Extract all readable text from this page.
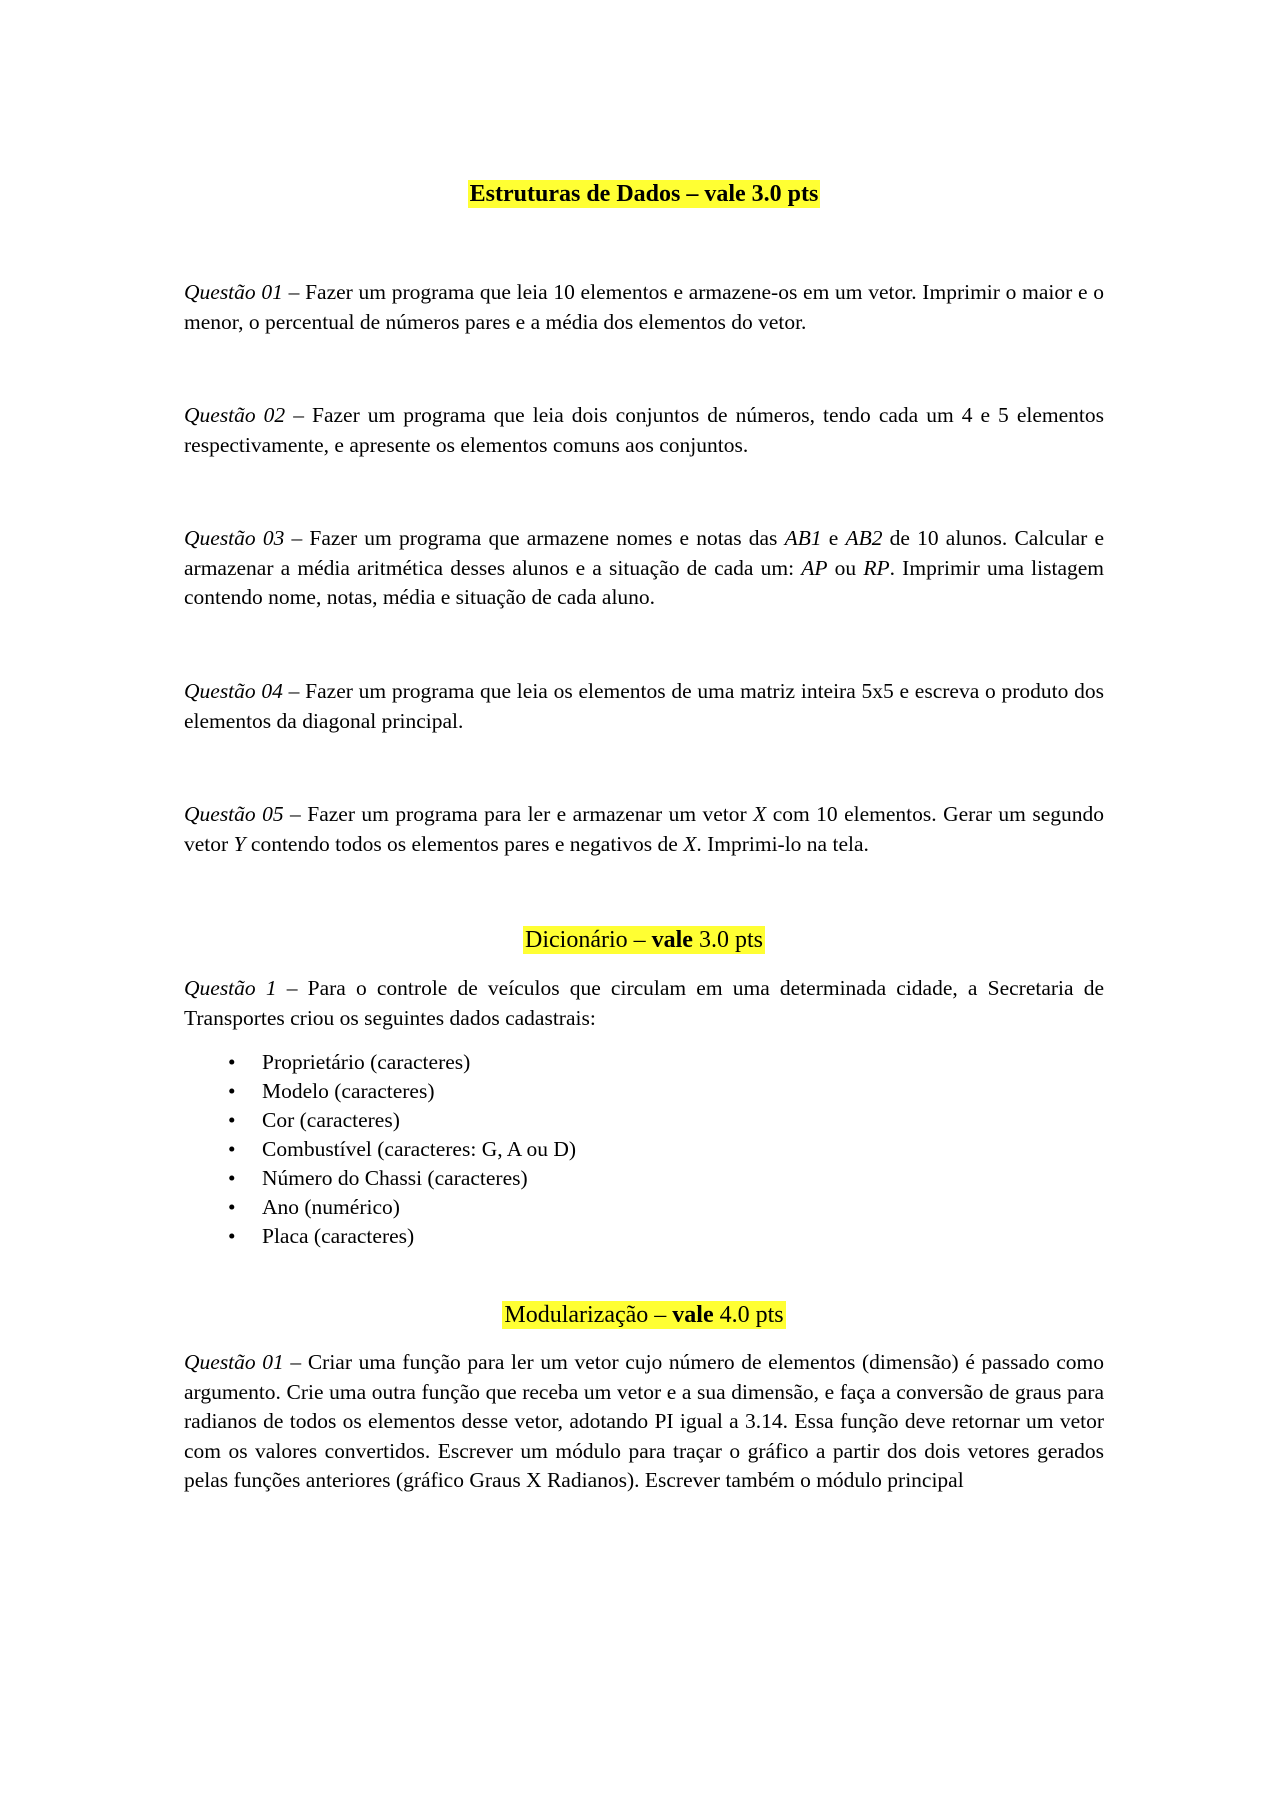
Estruturas de Dados – vale 3.0 pts

Questão 01 – Fazer um programa que leia 10 elementos e armazene-os em um vetor. Imprimir o maior e o menor, o percentual de números pares e a média dos elementos do vetor.

Questão 02 – Fazer um programa que leia dois conjuntos de números, tendo cada um 4 e 5 elementos respectivamente, e apresente os elementos comuns aos conjuntos.

Questão 03 – Fazer um programa que armazene nomes e notas das AB1 e AB2 de 10 alunos. Calcular e armazenar a média aritmética desses alunos e a situação de cada um: AP ou RP. Imprimir uma listagem contendo nome, notas, média e situação de cada aluno.

Questão 04 – Fazer um programa que leia os elementos de uma matriz inteira 5x5 e escreva o produto dos elementos da diagonal principal.

Questão 05 – Fazer um programa para ler e armazenar um vetor X com 10 elementos. Gerar um segundo vetor Y contendo todos os elementos pares e negativos de X. Imprimi-lo na tela.

Dicionário – vale 3.0 pts

Questão 1 – Para o controle de veículos que circulam em uma determinada cidade, a Secretaria de Transportes criou os seguintes dados cadastrais:

• Proprietário (caracteres)
• Modelo (caracteres)
• Cor (caracteres)
• Combustível (caracteres: G, A ou D)
• Número do Chassi (caracteres)
• Ano (numérico)
• Placa (caracteres)
Modularização – vale 4.0 pts

Questão 01 – Criar uma função para ler um vetor cujo número de elementos (dimensão) é passado como argumento. Crie uma outra função que receba um vetor e a sua dimensão, e faça a conversão de graus para radianos de todos os elementos desse vetor, adotando PI igual a 3.14. Essa função deve retornar um vetor com os valores convertidos. Escrever um módulo para traçar o gráfico a partir dos dois vetores gerados pelas funções anteriores (gráfico Graus X Radianos). Escrever também o módulo principal
